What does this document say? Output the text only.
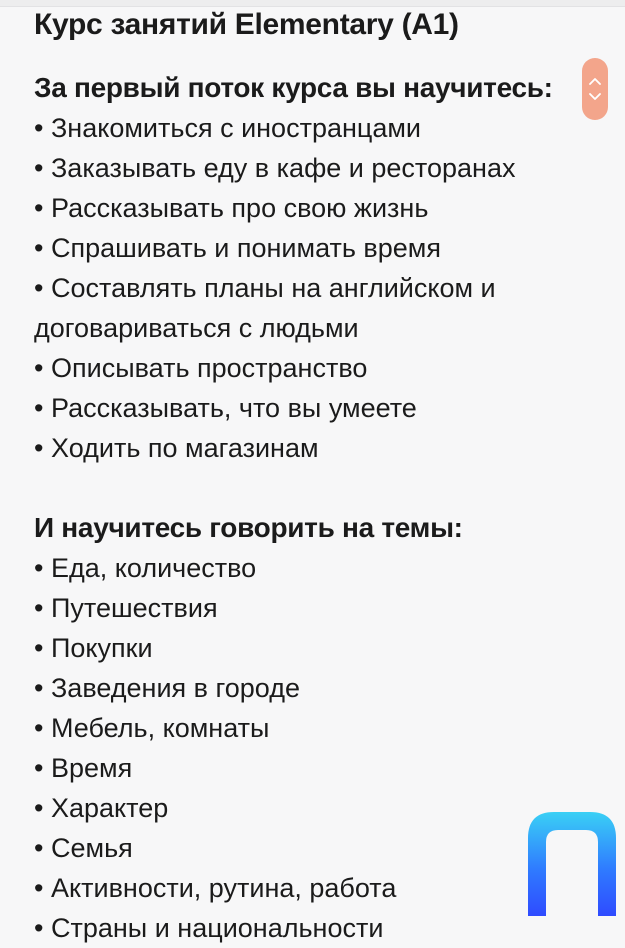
Курс занятий Elementary (A1)
За первый поток курса вы научитесь:
• Знакомиться с иностранцами
• Заказывать еду в кафе и ресторанах
• Рассказывать про свою жизнь
• Спрашивать и понимать время
• Составлять планы на английском и договариваться с людьми
• Описывать пространство
• Рассказывать, что вы умеете
• Ходить по магазинам
И научитесь говорить на темы:
• Еда, количество
• Путешествия
• Покупки
• Заведения в городе
• Мебель, комнаты
• Время
• Характер
• Семья
• Активности, рутина, работа
• Страны и национальности
